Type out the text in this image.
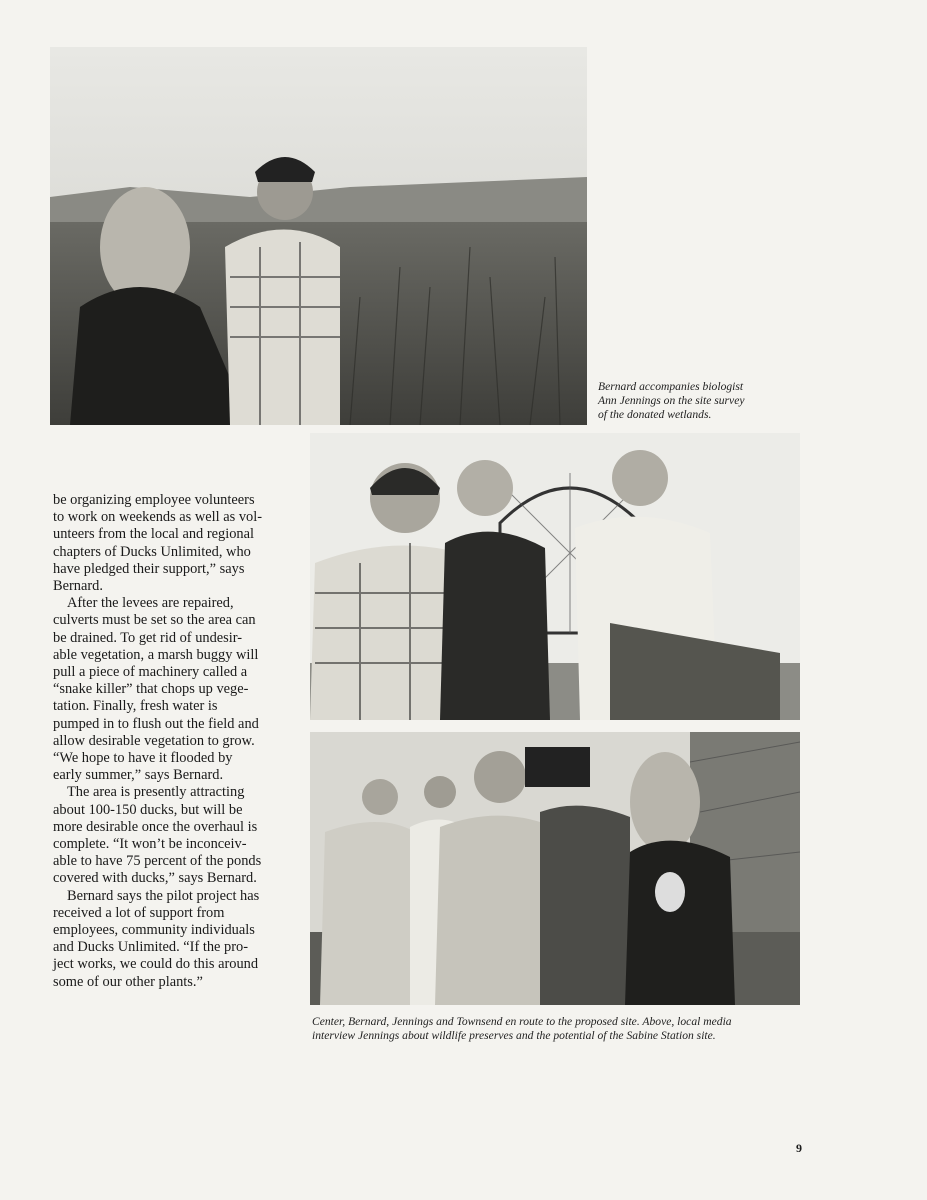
Bernard accompanies biologist
Ann Jennings on the site survey
of the donated wetlands.
Center, Bernard, Jennings and Townsend en route to the proposed site. Above, local media
interview Jennings about wildlife preserves and the potential of the Sabine Station site.
be organizing employee volunteers
to work on weekends as well as vol-
unteers from the local and regional
chapters of Ducks Unlimited, who
have pledged their support,” says
Bernard.
After the levees are repaired,
culverts must be set so the area can
be drained. To get rid of undesir-
able vegetation, a marsh buggy will
pull a piece of machinery called a
“snake killer” that chops up vege-
tation. Finally, fresh water is
pumped in to flush out the field and
allow desirable vegetation to grow.
“We hope to have it flooded by
early summer,” says Bernard.
The area is presently attracting
about 100-150 ducks, but will be
more desirable once the overhaul is
complete. “It won’t be inconceiv-
able to have 75 percent of the ponds
covered with ducks,” says Bernard.
Bernard says the pilot project has
received a lot of support from
employees, community individuals
and Ducks Unlimited. “If the pro-
ject works, we could do this around
some of our other plants.”
9
